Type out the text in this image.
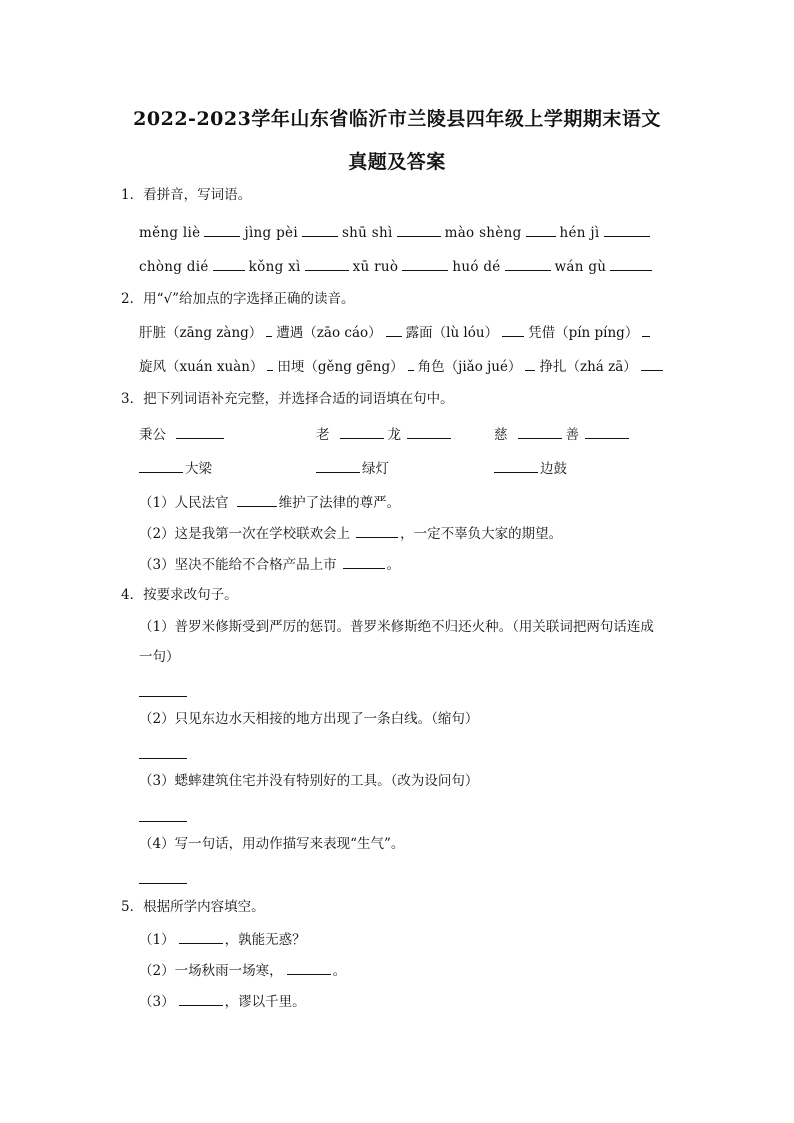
2022-2023学年山东省临沂市兰陵县四年级上学期期末语文
真题及答案
1．看拼音，写词语。
měng liè	jìng pèi	shū shì	mào shèng	hén jì
chòng dié	kǒng xì	xū ruò	huó dé	wán gù
2．用“√”给加点的字选择正确的读音。
肝脏（zāng zàng） 遭遇（zāo cáo） 露面（lù lóu） 凭借（pín píng）
旋风（xuán xuàn） 田埂（gěng gēng） 角色（jiǎo jué） 挣扎（zhá zā）
3．把下列词语补充完整，并选择合适的词语填在句中。
秉公	老	龙	慈	善
大梁	绿灯	边鼓
（1）人民法官	维护了法律的尊严。
（2）这是我第一次在学校联欢会上	，一定不辜负大家的期望。
（3）坚决不能给不合格产品上市	。
4．按要求改句子。
（1）普罗米修斯受到严厉的惩罚。普罗米修斯绝不归还火种。（用关联词把两句话连成
一句）
（2）只见东边水天相接的地方出现了一条白线。（缩句）
（3）蟋蟀建筑住宅并没有特别好的工具。（改为设问句）
（4）写一句话，用动作描写来表现“生气”。
5．根据所学内容填空。
（1）	，孰能无惑？
（2）一场秋雨一场寒，	。
（3）	，谬以千里。
